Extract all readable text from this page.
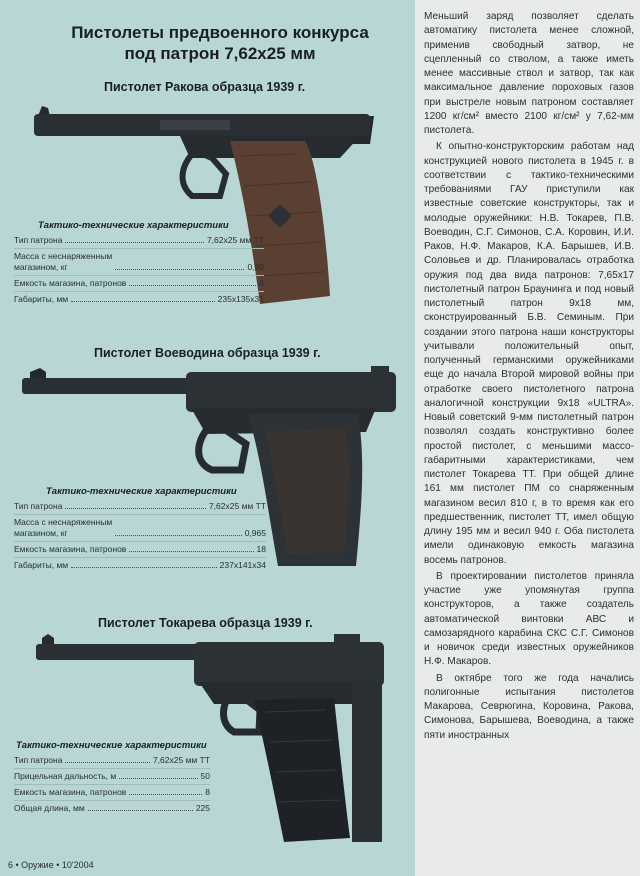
Пистолеты предвоенного конкурса
под патрон 7,62x25 мм
Пистолет Ракова образца 1939 г.
Тактико-технические характеристики
Тип патрона	7,62x25 мм ТТ
Масса с неснаряженным
магазином, кг	0,99
Емкость магазина, патронов	8
Габариты, мм	235x135x31
Пистолет Воеводина образца 1939 г.
Тактико-технические характеристики
Тип патрона	7,62x25 мм ТТ
Масса с неснаряженным
магазином, кг	0,965
Емкость магазина, патронов	18
Габариты, мм	237x141x34
Пистолет Токарева образца 1939 г.
Тактико-технические характеристики
Тип патрона	7,62x25 мм ТТ
Прицельная дальность, м	50
Емкость магазина, патронов	8
Общая длина, мм	225

Меньший заряд позволяет сделать автоматику пистолета менее сложной, применив свободный затвор, не сцепленный со стволом, а также иметь менее массивные ствол и затвор, так как максимальное давление пороховых газов при выстреле новым патроном составляет 1200 кг/см² вместо 2100 кг/см² у 7,62-мм пистолета.

К опытно-конструкторским работам над конструкцией нового пистолета в 1945 г. в соответствии с тактико-техническими требованиями ГАУ приступили как известные советские конструкторы, так и молодые оружейники: Н.В. Токарев, П.В. Воеводин, С.Г. Симонов, С.А. Коровин, И.И. Раков, Н.Ф. Макаров, К.А. Барышев, И.В. Соловьев и др. Планировалась отработка оружия под два вида патронов: 7,65x17 пистолетный патрон Браунинга и под новый пистолетный патрон 9x18 мм, сконструированный Б.В. Семиным. При создании этого патрона наши конструкторы учитывали положительный опыт, полученный германскими оружейниками еще до начала Второй мировой войны при отработке своего пистолетного патрона аналогичной конструкции 9x18 «ULTRA». Новый советский 9-мм пистолетный патрон позволял создать конструктивно более простой пистолет, с меньшими массо-габаритными характеристиками, чем пистолет Токарева ТТ. При общей длине 161 мм пистолет ПМ со снаряженным магазином весил 810 г, в то время как его предшественник, пистолет ТТ, имел общую длину 195 мм и весил 940 г. Оба пистолета имели одинаковую емкость магазина восемь патронов.

В проектировании пистолетов приняла участие уже упомянутая группа конструкторов, а также создатель автоматической винтовки АВС и самозарядного карабина СКС С.Г. Симонов и новичок среди известных оружейников Н.Ф. Макаров.

В октябре того же года начались полигонные испытания пистолетов Макарова, Севрюгина, Коровина, Ракова, Симонова, Барышева, Воеводина, а также пяти иностранных

6 • Оружие • 10'2004
